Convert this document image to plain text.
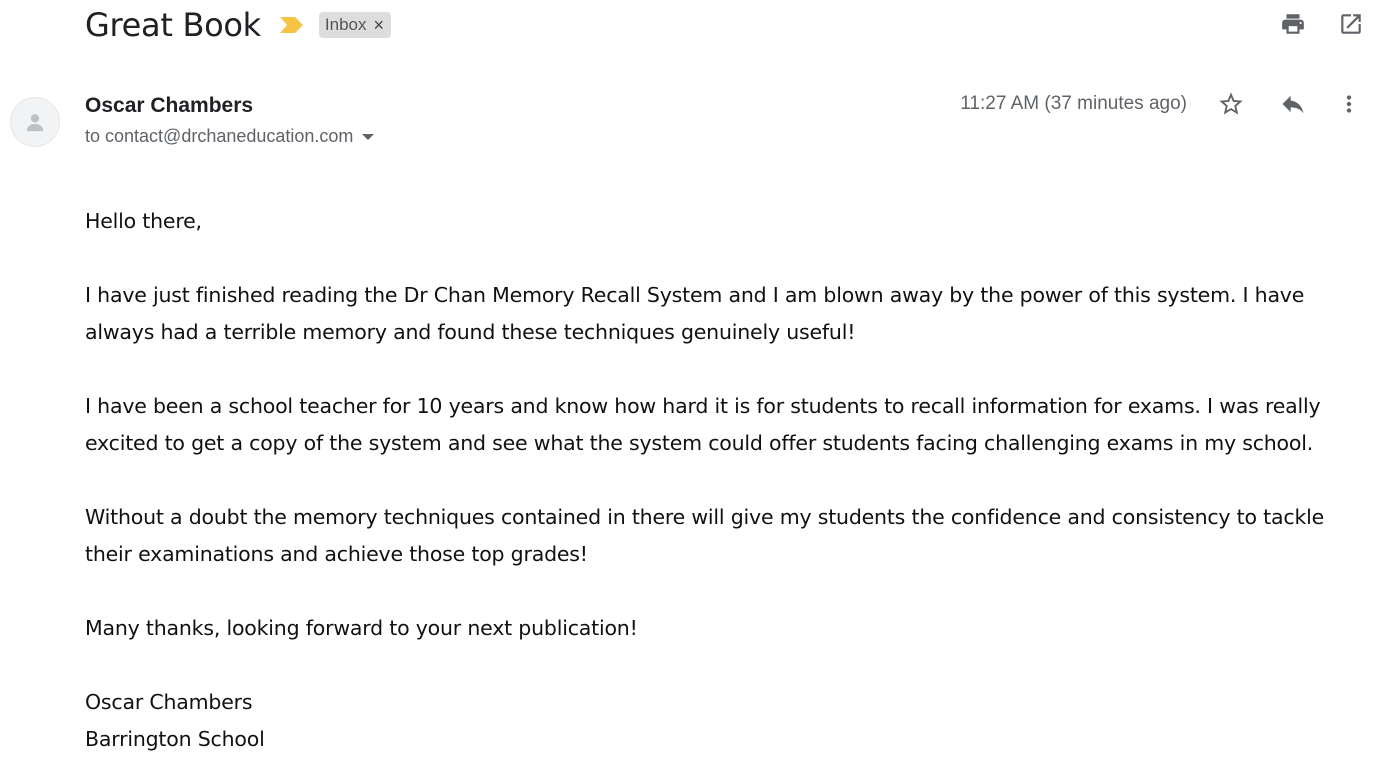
Great Book	Inbox ×
Oscar Chambers
to contact@drchaneducation.com
11:27 AM (37 minutes ago)

Hello there,

I have just finished reading the Dr Chan Memory Recall System and I am blown away by the power of this system. I have always had a terrible memory and found these techniques genuinely useful!

I have been a school teacher for 10 years and know how hard it is for students to recall information for exams. I was really excited to get a copy of the system and see what the system could offer students facing challenging exams in my school.

Without a doubt the memory techniques contained in there will give my students the confidence and consistency to tackle their examinations and achieve those top grades!

Many thanks, looking forward to your next publication!

Oscar Chambers

Barrington School
